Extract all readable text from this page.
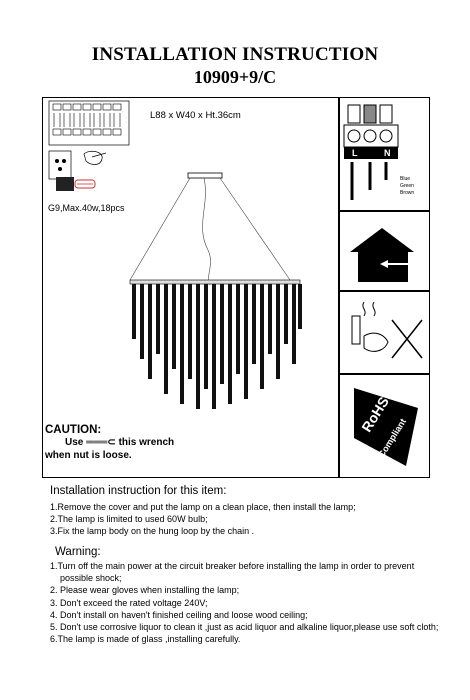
INSTALLATION INSTRUCTION
10909+9/C
L88 x W40 x Ht.36cm
G9,Max.40w,18pcs
L	N
Blue
Green
Brown
RoHS
Compliant
CAUTION:
Use ═══⊂ this wrench
when nut is loose.
Installation instruction for this item:
1.Remove the cover and put the lamp on a clean place, then install the lamp;
2.The lamp is limited to used 60W bulb;
3.Fix the lamp body on the hung loop by the chain .
Warning:
1.Turn off the main power at the circuit breaker before installing the lamp in order to prevent
possible shock;
2. Please wear gloves when installing the lamp;
3. Don't exceed the rated voltage 240V;
4. Don't install on haven't finished ceiling and loose wood ceiling;
5. Don't use corrosive liquor to clean it ,just as acid liquor and alkaline liquor,please use soft cloth;
6.The lamp is made of glass ,installing carefully.
